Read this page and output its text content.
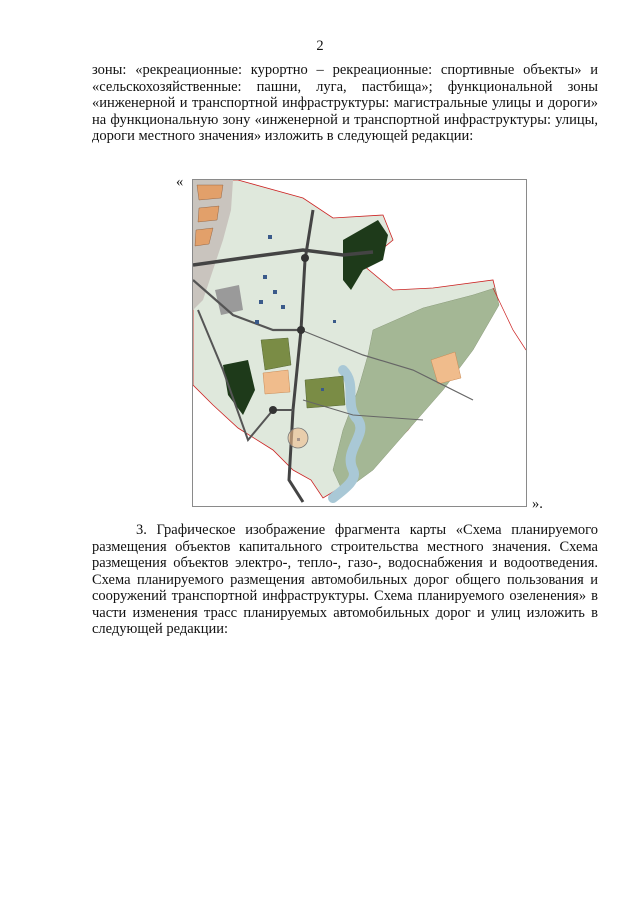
2

зоны: «рекреационные: курортно – рекреационные: спортивные объекты» и «сельскохозяйственные: пашни, луга, пастбища»; функциональной зоны «инженерной и транспортной инфраструктуры: магистральные улицы и дороги» на функциональную зону «инженерной и транспортной инфраструктуры: улицы, дороги местного значения» изложить в следующей редакции:

«
».

3. Графическое изображение фрагмента карты «Схема планируемого размещения объектов капитального строительства местного значения. Схема размещения объектов электро-, тепло-, газо-, водоснабжения и водоотведения. Схема планируемого размещения автомобильных дорог общего пользования и сооружений транспортной инфраструктуры. Схема планируемого озеленения» в части изменения трасс планируемых автомобильных дорог и улиц изложить в следующей редакции:
